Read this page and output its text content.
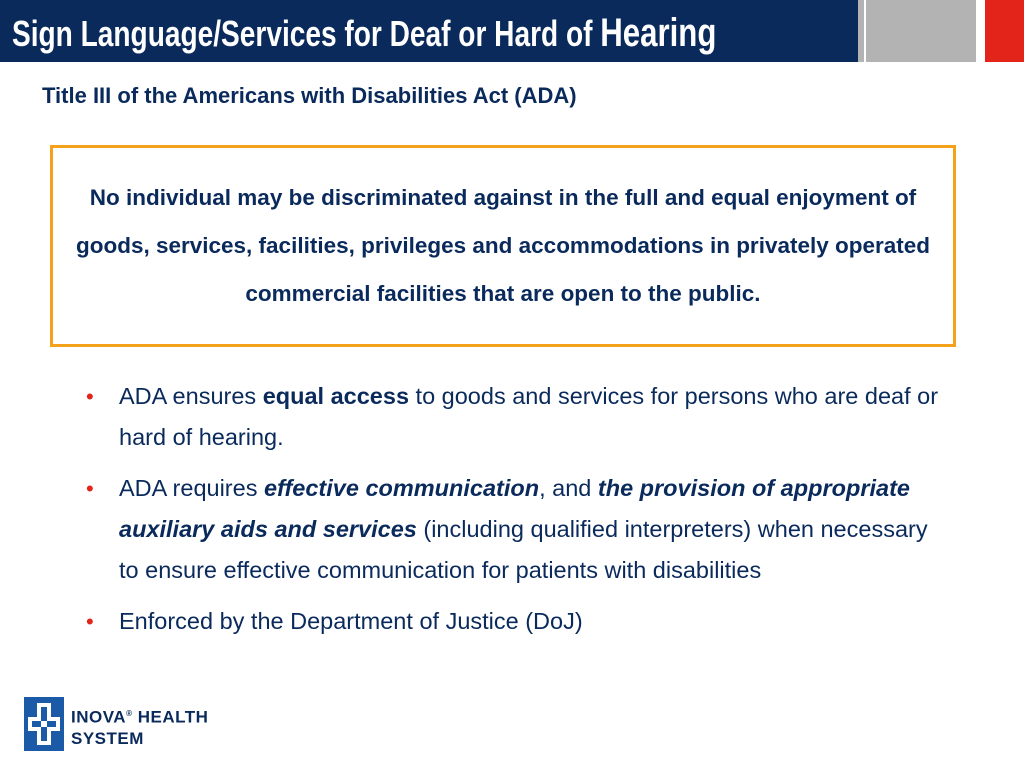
Sign Language/Services for Deaf or Hard of Hearing
Title III of the Americans with Disabilities Act (ADA)

No individual may be discriminated against in the full and equal enjoyment of goods, services, facilities, privileges and accommodations in privately operated commercial facilities that are open to the public.

• ADA ensures equal access to goods and services for persons who are deaf or hard of hearing.
• ADA requires effective communication, and the provision of appropriate auxiliary aids and services (including qualified interpreters) when necessary to ensure effective communication for patients with disabilities
• Enforced by the Department of Justice (DoJ)

INOVA® HEALTH
SYSTEM
